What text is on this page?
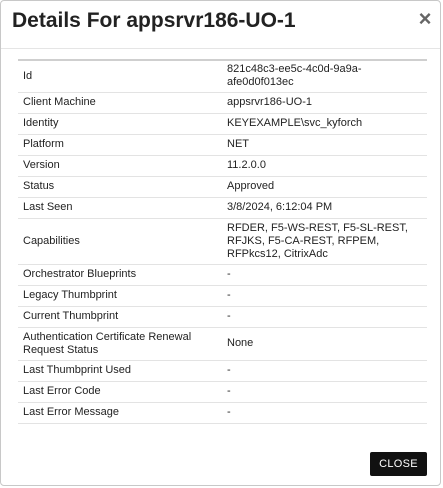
Details For appsrvr186-UO-1	×
Id	821c48c3-ee5c-4c0d-9a9a-afe0d0f013ec
Client Machine	appsrvr186-UO-1
Identity	KEYEXAMPLE\svc_kyforch
Platform	NET
Version	11.2.0.0
Status	Approved
Last Seen	3/8/2024, 6:12:04 PM
Capabilities	RFDER, F5-WS-REST, F5-SL-REST, RFJKS, F5-CA-REST, RFPEM, RFPkcs12, CitrixAdc
Orchestrator Blueprints	-
Legacy Thumbprint	-
Current Thumbprint	-
Authentication Certificate Renewal Request Status	None
Last Thumbprint Used	-
Last Error Code	-
Last Error Message	-
CLOSE
